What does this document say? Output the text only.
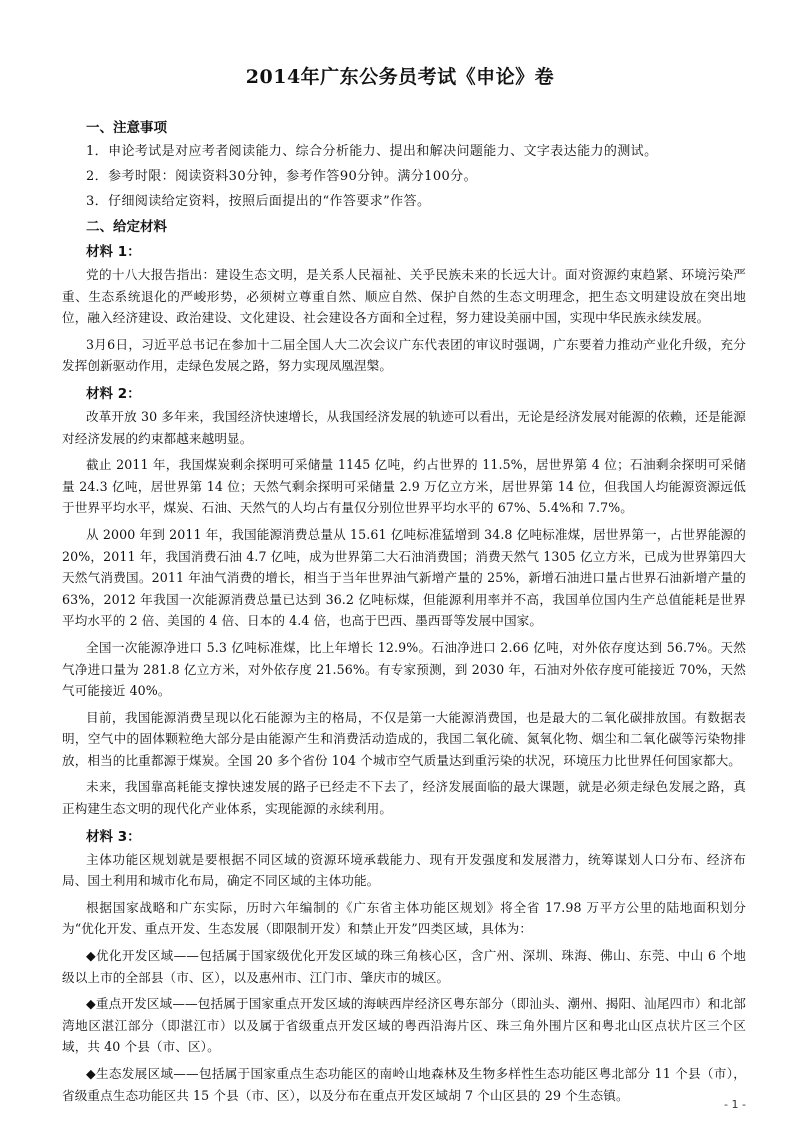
2014年广东公务员考试《申论》卷

一、注意事项

1．申论考试是对应考者阅读能力、综合分析能力、提出和解决问题能力、文字表达能力的测试。

2．参考时限：阅读资料30分钟，参考作答90分钟。满分100分。

3．仔细阅读给定资料，按照后面提出的“作答要求”作答。

二、给定材料

材料 1：

党的十八大报告指出：建设生态文明，是关系人民福祉、关乎民族未来的长远大计。面对资源约束趋紧、环境污染严重、生态系统退化的严峻形势，必须树立尊重自然、顺应自然、保护自然的生态文明理念，把生态文明建设放在突出地位，融入经济建设、政治建设、文化建设、社会建设各方面和全过程，努力建设美丽中国，实现中华民族永续发展。

3月6日，习近平总书记在参加十二届全国人大二次会议广东代表团的审议时强调，广东要着力推动产业化升级，充分发挥创新驱动作用，走绿色发展之路，努力实现凤凰涅槃。

材料 2：

改革开放 30 多年来，我国经济快速增长，从我国经济发展的轨迹可以看出，无论是经济发展对能源的依赖，还是能源对经济发展的约束都越来越明显。

截止 2011 年，我国煤炭剩余探明可采储量 1145 亿吨，约占世界的 11.5%，居世界第 4 位；石油剩余探明可采储量 24.3 亿吨，居世界第 14 位；天然气剩余探明可采储量 2.9 万亿立方米，居世界第 14 位，但我国人均能源资源远低于世界平均水平，煤炭、石油、天然气的人均占有量仅分别位世界平均水平的 67%、5.4%和 7.7%。

从 2000 年到 2011 年，我国能源消费总量从 15.61 亿吨标准猛增到 34.8 亿吨标准煤，居世界第一，占世界能源的 20%，2011 年，我国消费石油 4.7 亿吨，成为世界第二大石油消费国；消费天然气 1305 亿立方米，已成为世界第四大天然气消费国。2011 年油气消费的增长，相当于当年世界油气新增产量的 25%，新增石油进口量占世界石油新增产量的 63%，2012 年我国一次能源消费总量已达到 36.2 亿吨标煤，但能源利用率并不高，我国单位国内生产总值能耗是世界平均水平的 2 倍、美国的 4 倍、日本的 4.4 倍，也高于巴西、墨西哥等发展中国家。

全国一次能源净进口 5.3 亿吨标准煤，比上年增长 12.9%。石油净进口 2.66 亿吨，对外依存度达到 56.7%。天然气净进口量为 281.8 亿立方米，对外依存度 21.56%。有专家预测，到 2030 年，石油对外依存度可能接近 70%，天然气可能接近 40%。

目前，我国能源消费呈现以化石能源为主的格局，不仅是第一大能源消费国，也是最大的二氧化碳排放国。有数据表明，空气中的固体颗粒绝大部分是由能源产生和消费活动造成的，我国二氧化硫、氮氧化物、烟尘和二氧化碳等污染物排放，相当的比重都源于煤炭。全国 20 多个省份 104 个城市空气质量达到重污染的状况，环境压力比世界任何国家都大。

未来，我国靠高耗能支撑快速发展的路子已经走不下去了，经济发展面临的最大课题，就是必须走绿色发展之路，真正构建生态文明的现代化产业体系，实现能源的永续利用。

材料 3：

主体功能区规划就是要根据不同区域的资源环境承载能力、现有开发强度和发展潜力，统筹谋划人口分布、经济布局、国土利用和城市化布局，确定不同区域的主体功能。

根据国家战略和广东实际，历时六年编制的《广东省主体功能区规划》将全省 17.98 万平方公里的陆地面积划分为“优化开发、重点开发、生态发展（即限制开发）和禁止开发”四类区域，具体为：

◆优化开发区域——包括属于国家级优化开发区域的珠三角核心区，含广州、深圳、珠海、佛山、东莞、中山 6 个地级以上市的全部县（市、区），以及惠州市、江门市、肇庆市的城区。

◆重点开发区域——包括属于国家重点开发区域的海峡西岸经济区粤东部分（即汕头、潮州、揭阳、汕尾四市）和北部湾地区湛江部分（即湛江市）以及属于省级重点开发区域的粤西沿海片区、珠三角外围片区和粤北山区点状片区三个区域，共 40 个县（市、区）。

◆生态发展区域——包括属于国家重点生态功能区的南岭山地森林及生物多样性生态功能区粤北部分 11 个县（市），省级重点生态功能区共 15 个县（市、区），以及分布在重点开发区域胡 7 个山区县的 29 个生态镇。

- 1 -
